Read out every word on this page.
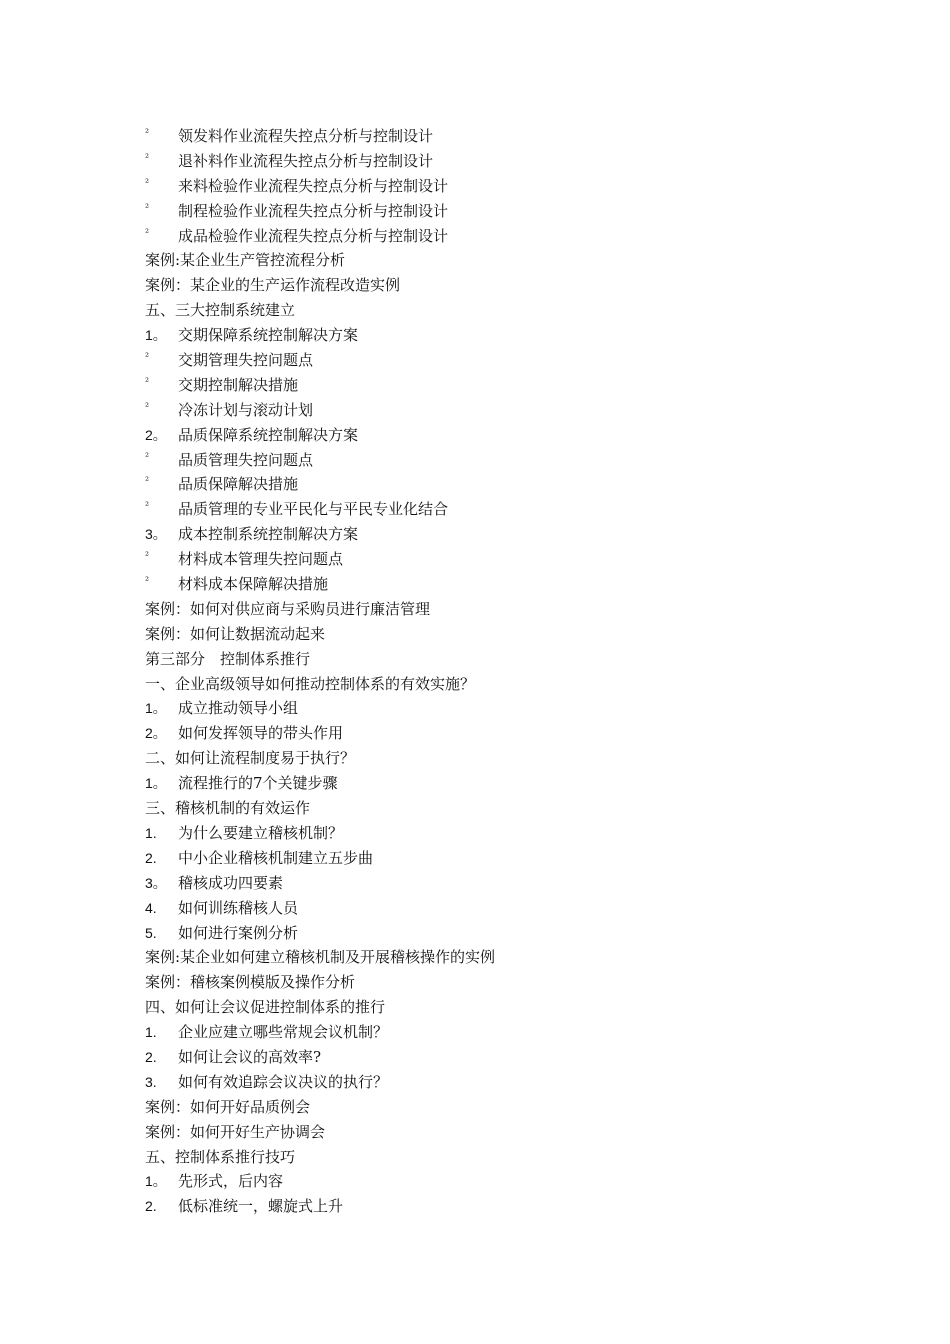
² 领发料作业流程失控点分析与控制设计
² 退补料作业流程失控点分析与控制设计
² 来料检验作业流程失控点分析与控制设计
² 制程检验作业流程失控点分析与控制设计
² 成品检验作业流程失控点分析与控制设计
案例:某企业生产管控流程分析
案例：某企业的生产运作流程改造实例
五、三大控制系统建立
1。 交期保障系统控制解决方案
² 交期管理失控问题点
² 交期控制解决措施
² 冷冻计划与滚动计划
2。 品质保障系统控制解决方案
² 品质管理失控问题点
² 品质保障解决措施
² 品质管理的专业平民化与平民专业化结合
3。 成本控制系统控制解决方案
² 材料成本管理失控问题点
² 材料成本保障解决措施
案例：如何对供应商与采购员进行廉洁管理
案例：如何让数据流动起来
第三部分　控制体系推行
一、企业高级领导如何推动控制体系的有效实施？
1。 成立推动领导小组
2。 如何发挥领导的带头作用
二、如何让流程制度易于执行？
1。 流程推行的7个关键步骤
三、稽核机制的有效运作
1. 为什么要建立稽核机制？
2. 中小企业稽核机制建立五步曲
3。 稽核成功四要素
4. 如何训练稽核人员
5. 如何进行案例分析
案例:某企业如何建立稽核机制及开展稽核操作的实例
案例：稽核案例模版及操作分析
四、如何让会议促进控制体系的推行
1. 企业应建立哪些常规会议机制？
2. 如何让会议的高效率?
3. 如何有效追踪会议决议的执行？
案例：如何开好品质例会
案例：如何开好生产协调会
五、控制体系推行技巧
1。 先形式，后内容
2. 低标准统一，螺旋式上升
